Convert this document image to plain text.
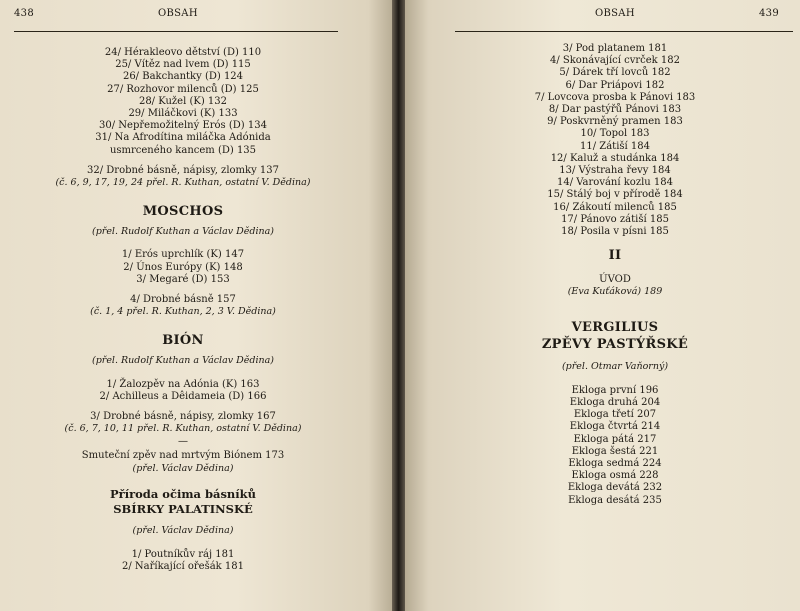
438	OBSAH
24/ Hérakleovo dětství (D) 110
25/ Vítěz nad lvem (D) 115
26/ Bakchantky (D) 124
27/ Rozhovor milenců (D) 125
28/ Kužel (K) 132
29/ Miláčkovi (K) 133
30/ Nepřemožitelný Erós (D) 134
31/ Na Afrodítina miláčka Adónida
usmrceného kancem (D) 135
32/ Drobné básně, nápisy, zlomky 137
(č. 6, 9, 17, 19, 24 přel. R. Kuthan, ostatní V. Dědina)
MOSCHOS
(přel. Rudolf Kuthan a Václav Dědina)
1/ Erós uprchlík (K) 147
2/ Únos Európy (K) 148
3/ Megaré (D) 153
4/ Drobné básně 157
(č. 1, 4 přel. R. Kuthan, 2, 3 V. Dědina)
BIÓN
(přel. Rudolf Kuthan a Václav Dědina)
1/ Žalozpěv na Adónia (K) 163
2/ Achilleus a Dêidameia (D) 166
3/ Drobné básně, nápisy, zlomky 167
(č. 6, 7, 10, 11 přel. R. Kuthan, ostatní V. Dědina)
—
Smuteční zpěv nad mrtvým Biónem 173
(přel. Václav Dědina)
Příroda očima básníků
SBÍRKY PALATINSKÉ
(přel. Václav Dědina)
1/ Poutníkův ráj 181
2/ Naříkající ořešák 181
OBSAH	439
3/ Pod platanem 181
4/ Skonávající cvrček 182
5/ Dárek tří lovců 182
6/ Dar Priápovi 182
7/ Lovcova prosba k Pánovi 183
8/ Dar pastýřů Pánovi 183
9/ Poskvrněný pramen 183
10/ Topol 183
11/ Zátiší 184
12/ Kaluž a studánka 184
13/ Výstraha řevy 184
14/ Varování kozlu 184
15/ Stálý boj v přírodě 184
16/ Zákoutí milenců 185
17/ Pánovo zátiší 185
18/ Posila v písni 185
II
ÚVOD
(Eva Kuťáková) 189
VERGILIUS
ZPĚVY PASTÝŘSKÉ
(přel. Otmar Vaňorný)
Ekloga první 196
Ekloga druhá 204
Ekloga třetí 207
Ekloga čtvrtá 214
Ekloga pátá 217
Ekloga šestá 221
Ekloga sedmá 224
Ekloga osmá 228
Ekloga devátá 232
Ekloga desátá 235
